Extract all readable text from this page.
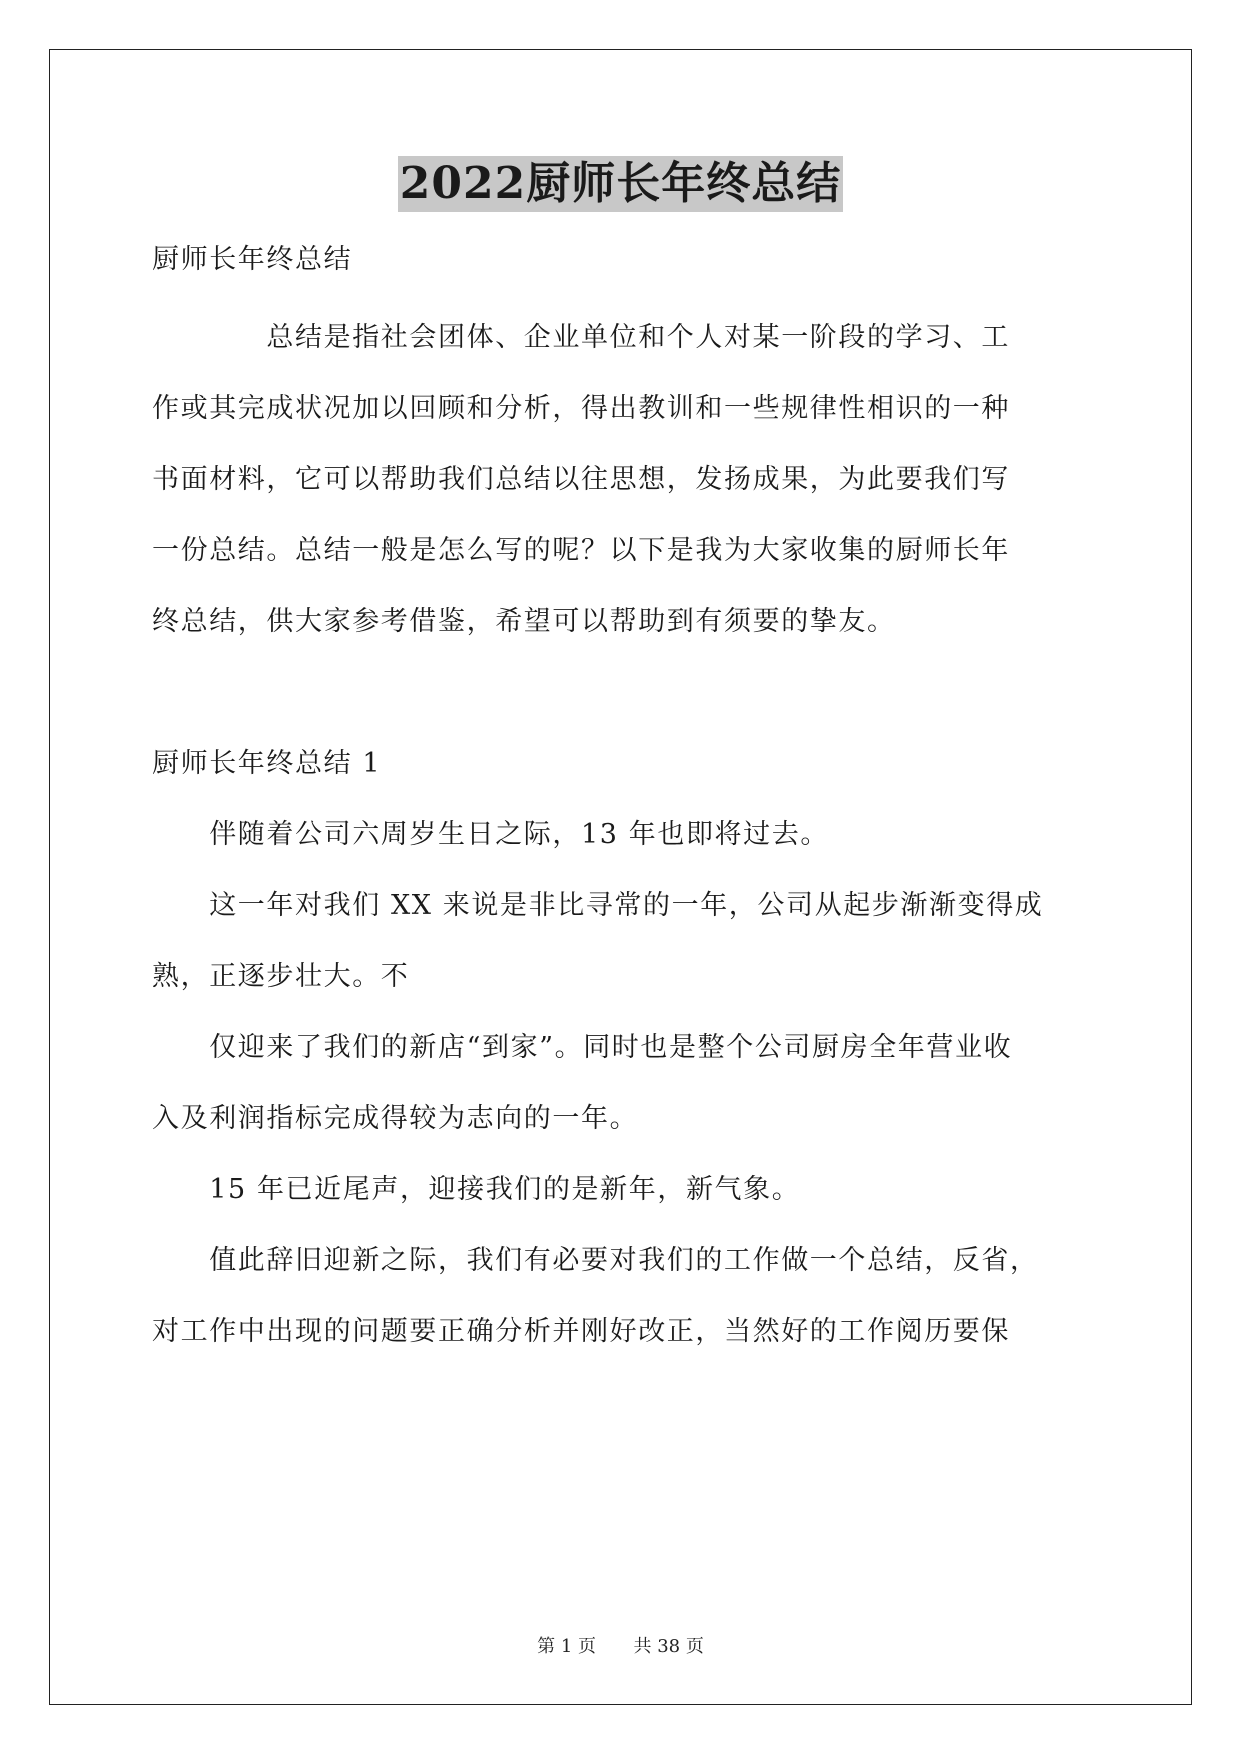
2022厨师长年终总结
厨师长年终总结
　　　　总结是指社会团体、企业单位和个人对某一阶段的学习、工
作或其完成状况加以回顾和分析，得出教训和一些规律性相识的一种
书面材料，它可以帮助我们总结以往思想，发扬成果，为此要我们写
一份总结。总结一般是怎么写的呢？以下是我为大家收集的厨师长年
终总结，供大家参考借鉴，希望可以帮助到有须要的挚友。
厨师长年终总结 1
　　伴随着公司六周岁生日之际，13 年也即将过去。
　　这一年对我们 XX 来说是非比寻常的一年，公司从起步渐渐变得成
熟，正逐步壮大。不
　　仅迎来了我们的新店“到家”。同时也是整个公司厨房全年营业收
入及利润指标完成得较为志向的一年。
　　15 年已近尾声，迎接我们的是新年，新气象。
　　值此辞旧迎新之际，我们有必要对我们的工作做一个总结，反省，
对工作中出现的问题要正确分析并刚好改正，当然好的工作阅历要保
第 1 页 　 共 38 页
